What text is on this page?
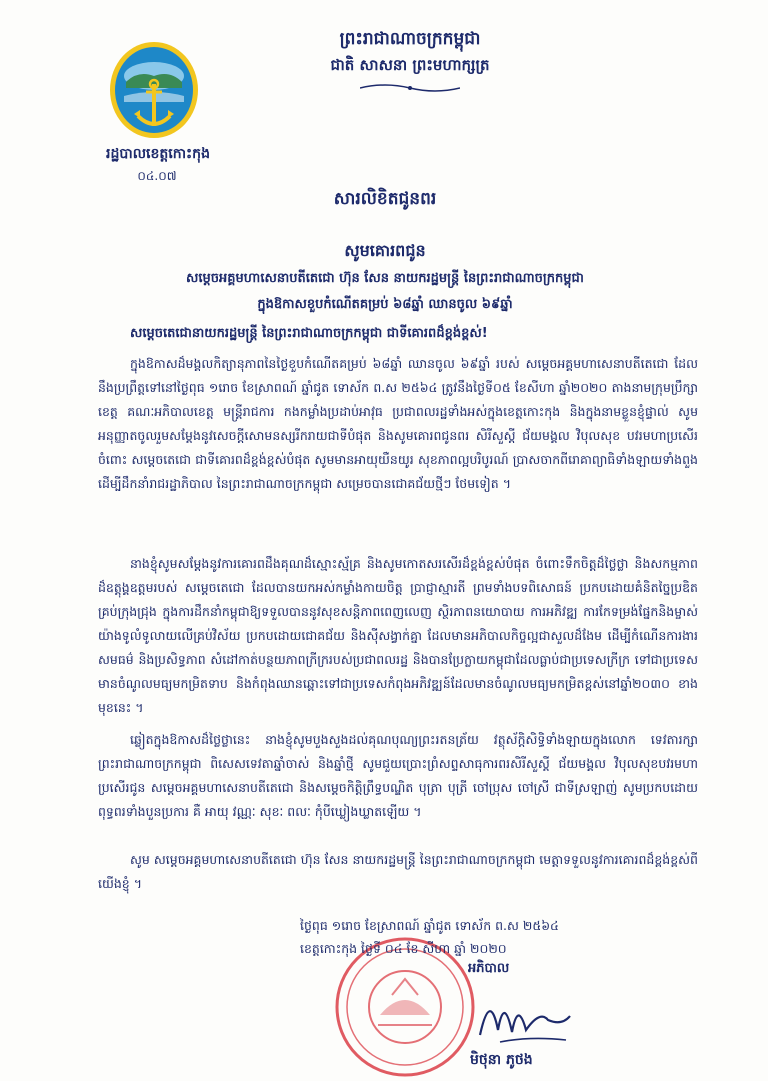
រដ្ឋបាលខេត្តកោះកុង
​០៤.០៧
ព្រះរាជាណាចក្រកម្ពុជា
ជាតិ សាសនា ព្រះមហាក្សត្រ
សារលិខិតជូនពរ
សូមគោរពជូន
សម្តេចអគ្គមហាសេនាបតីតេជោ ហ៊ុន សែន នាយករដ្ឋមន្ត្រី នៃព្រះរាជាណាចក្រកម្ពុជា
ក្នុងឱកាសខួបកំណើតគម្រប់ ៦៨ឆ្នាំ ឈានចូល ៦៩ឆ្នាំ
សម្តេចតេជោនាយករដ្ឋមន្ត្រី នៃព្រះរាជាណាចក្រកម្ពុជា ជាទីគោរពដ៏ខ្ពង់ខ្ពស់!
ក្នុងឱកាសដ៏មង្គលកិត្យានុភាពនៃថ្ងៃខួបកំណើតគម្រប់ ៦៨ឆ្នាំ ឈានចូល ៦៩ឆ្នាំ របស់ សម្តេចអគ្គមហាសេនាបតីតេជោ ដែលនឹងប្រព្រឹត្តទៅនៅថ្ងៃពុធ ១រោច ខែស្រាពណ៍ ឆ្នាំជូត ទោស័ក ព.ស ២៥៦៤ ត្រូវនឹងថ្ងៃទី០៥ ខែសីហា ឆ្នាំ២០២០ តាងនាមក្រុមប្រឹក្សាខេត្ត គណៈអភិបាលខេត្ត មន្ត្រីរាជការ កងកម្លាំងប្រដាប់អាវុធ ប្រជាពលរដ្ឋទាំងអស់ក្នុងខេត្តកោះកុង និងក្នុងនាមខ្លួនខ្ញុំផ្ទាល់ សូមអនុញ្ញាតចូលរួមសម្តែងនូវសេចក្តីសោមនស្សរីករាយជាទីបំផុត និងសូមគោរពជូនពរ សិរីសួស្តី ជ័យមង្គល វិបុលសុខ បវរមហាប្រសើរចំពោះ សម្តេចតេជោ ជាទីគោរពដ៏ខ្ពង់ខ្ពស់បំផុត សូមមានអាយុយឺនយូរ សុខភាពល្អបរិបូរណ៍ ប្រាសចាកពីរោគាព្យាធិទាំងឡាយទាំងពួង ដើម្បីដឹកនាំរាជរដ្ឋាភិបាល នៃព្រះរាជាណាចក្រកម្ពុជា សម្រេចបានជោគជ័យថ្មីៗ ថែមទៀត ។
នាងខ្ញុំសូមសម្តែងនូវការគោរពដឹងគុណដ៏ស្មោះស្ម័គ្រ និងសូមកោតសរសើរដ៏ខ្ពង់ខ្ពស់បំផុត ចំពោះទឹកចិត្តដ៏ថ្លៃថ្លា និងសកម្មភាពដ៏ឧត្តុង្គឧត្តមរបស់ សម្តេចតេជោ ដែលបានយកអស់កម្លាំងកាយចិត្ត ប្រាជ្ញាស្មារតី ព្រមទាំងបទពិសោធន៍ ប្រកបដោយគំនិតច្នៃប្រឌិតគ្រប់ក្រុងជ្រុង ក្នុងការដឹកនាំកម្ពុជាឱ្យទទួលបាននូវសុខសន្តិភាពពេញលេញ ស្ថិរភាពនយោបាយ ការអភិវឌ្ឍ ការកែទម្រង់ផ្នែកនិងម្ចាស់យ៉ាងទូលំទូលាយលើគ្រប់វិស័យ ប្រកបដោយជោគជ័យ និងស៊ីសង្វាក់គ្នា ដែលមានអភិបាលកិច្ចល្អជាសួលដ៏ងែម ដើម្បីកំណើនការងារ សមធម៌ និងប្រសិទ្ធភាព សំដៅកាត់បន្ថយភាពក្រីក្ររបស់ប្រជាពលរដ្ឋ និងបានប្រែក្លាយកម្ពុជាដែលធ្លាប់ជាប្រទេសក្រីក្រ ទៅជាប្រទេសមានចំណូលមធ្យមកម្រិតទាប និងកំពុងឈានឆ្ពោះទៅជាប្រទេសកំពុងអភិវឌ្ឍន៍ដែលមានចំណូលមធ្យមកម្រិតខ្ពស់នៅឆ្នាំ២០៣០ ខាងមុខនេះ ។
ឆ្លៀតក្នុងឱកាសដ៏ថ្លៃថ្លានេះ នាងខ្ញុំសូមបួងសួងដល់គុណបុណ្យព្រះរតនត្រ័យ វត្ថុស័ក្តិសិទ្ធិទាំងឡាយក្នុងលោក ទេវតារក្សាព្រះរាជាណាចក្រកម្ពុជា ពិសេសទេវតាឆ្នាំចាស់ និងឆ្នាំថ្មី សូមជួយប្រោះព្រំសព្ទសាធុការពរសិរីសួស្តី ជ័យមង្គល វិបុលសុខបវរមហាប្រសើរជូន សម្តេចអគ្គមហាសេនាបតីតេជោ និងសម្តេចកិត្តិព្រឹទ្ធបណ្ឌិត បុត្រា បុត្រី ចៅប្រុស ចៅស្រី ជាទីស្រឡាញ់ សូមប្រកបដោយពុទ្ធពរទាំងបួនប្រការ គឺ អាយុ វណ្ណៈ សុខៈ ពលៈ កុំបីឃ្លៀងឃ្លាតឡើយ ។
សូម សម្តេចអគ្គមហាសេនាបតីតេជោ ហ៊ុន សែន នាយករដ្ឋមន្ត្រី នៃព្រះរាជាណាចក្រកម្ពុជា មេត្តាទទួលនូវការគោរពដ៏ខ្ពង់ខ្ពស់ពីយើងខ្ញុំ ។
ថ្ងៃពុធ ១រោច ខែស្រាពណ៍ ឆ្នាំជូត ទោស័ក ព.ស ២៥៦៤
ខេត្តកោះកុង ថ្ងៃទី ០៤ ខែ សីហា ឆ្នាំ ២០២០
អភិបាល
មិថុនា ភូថង
